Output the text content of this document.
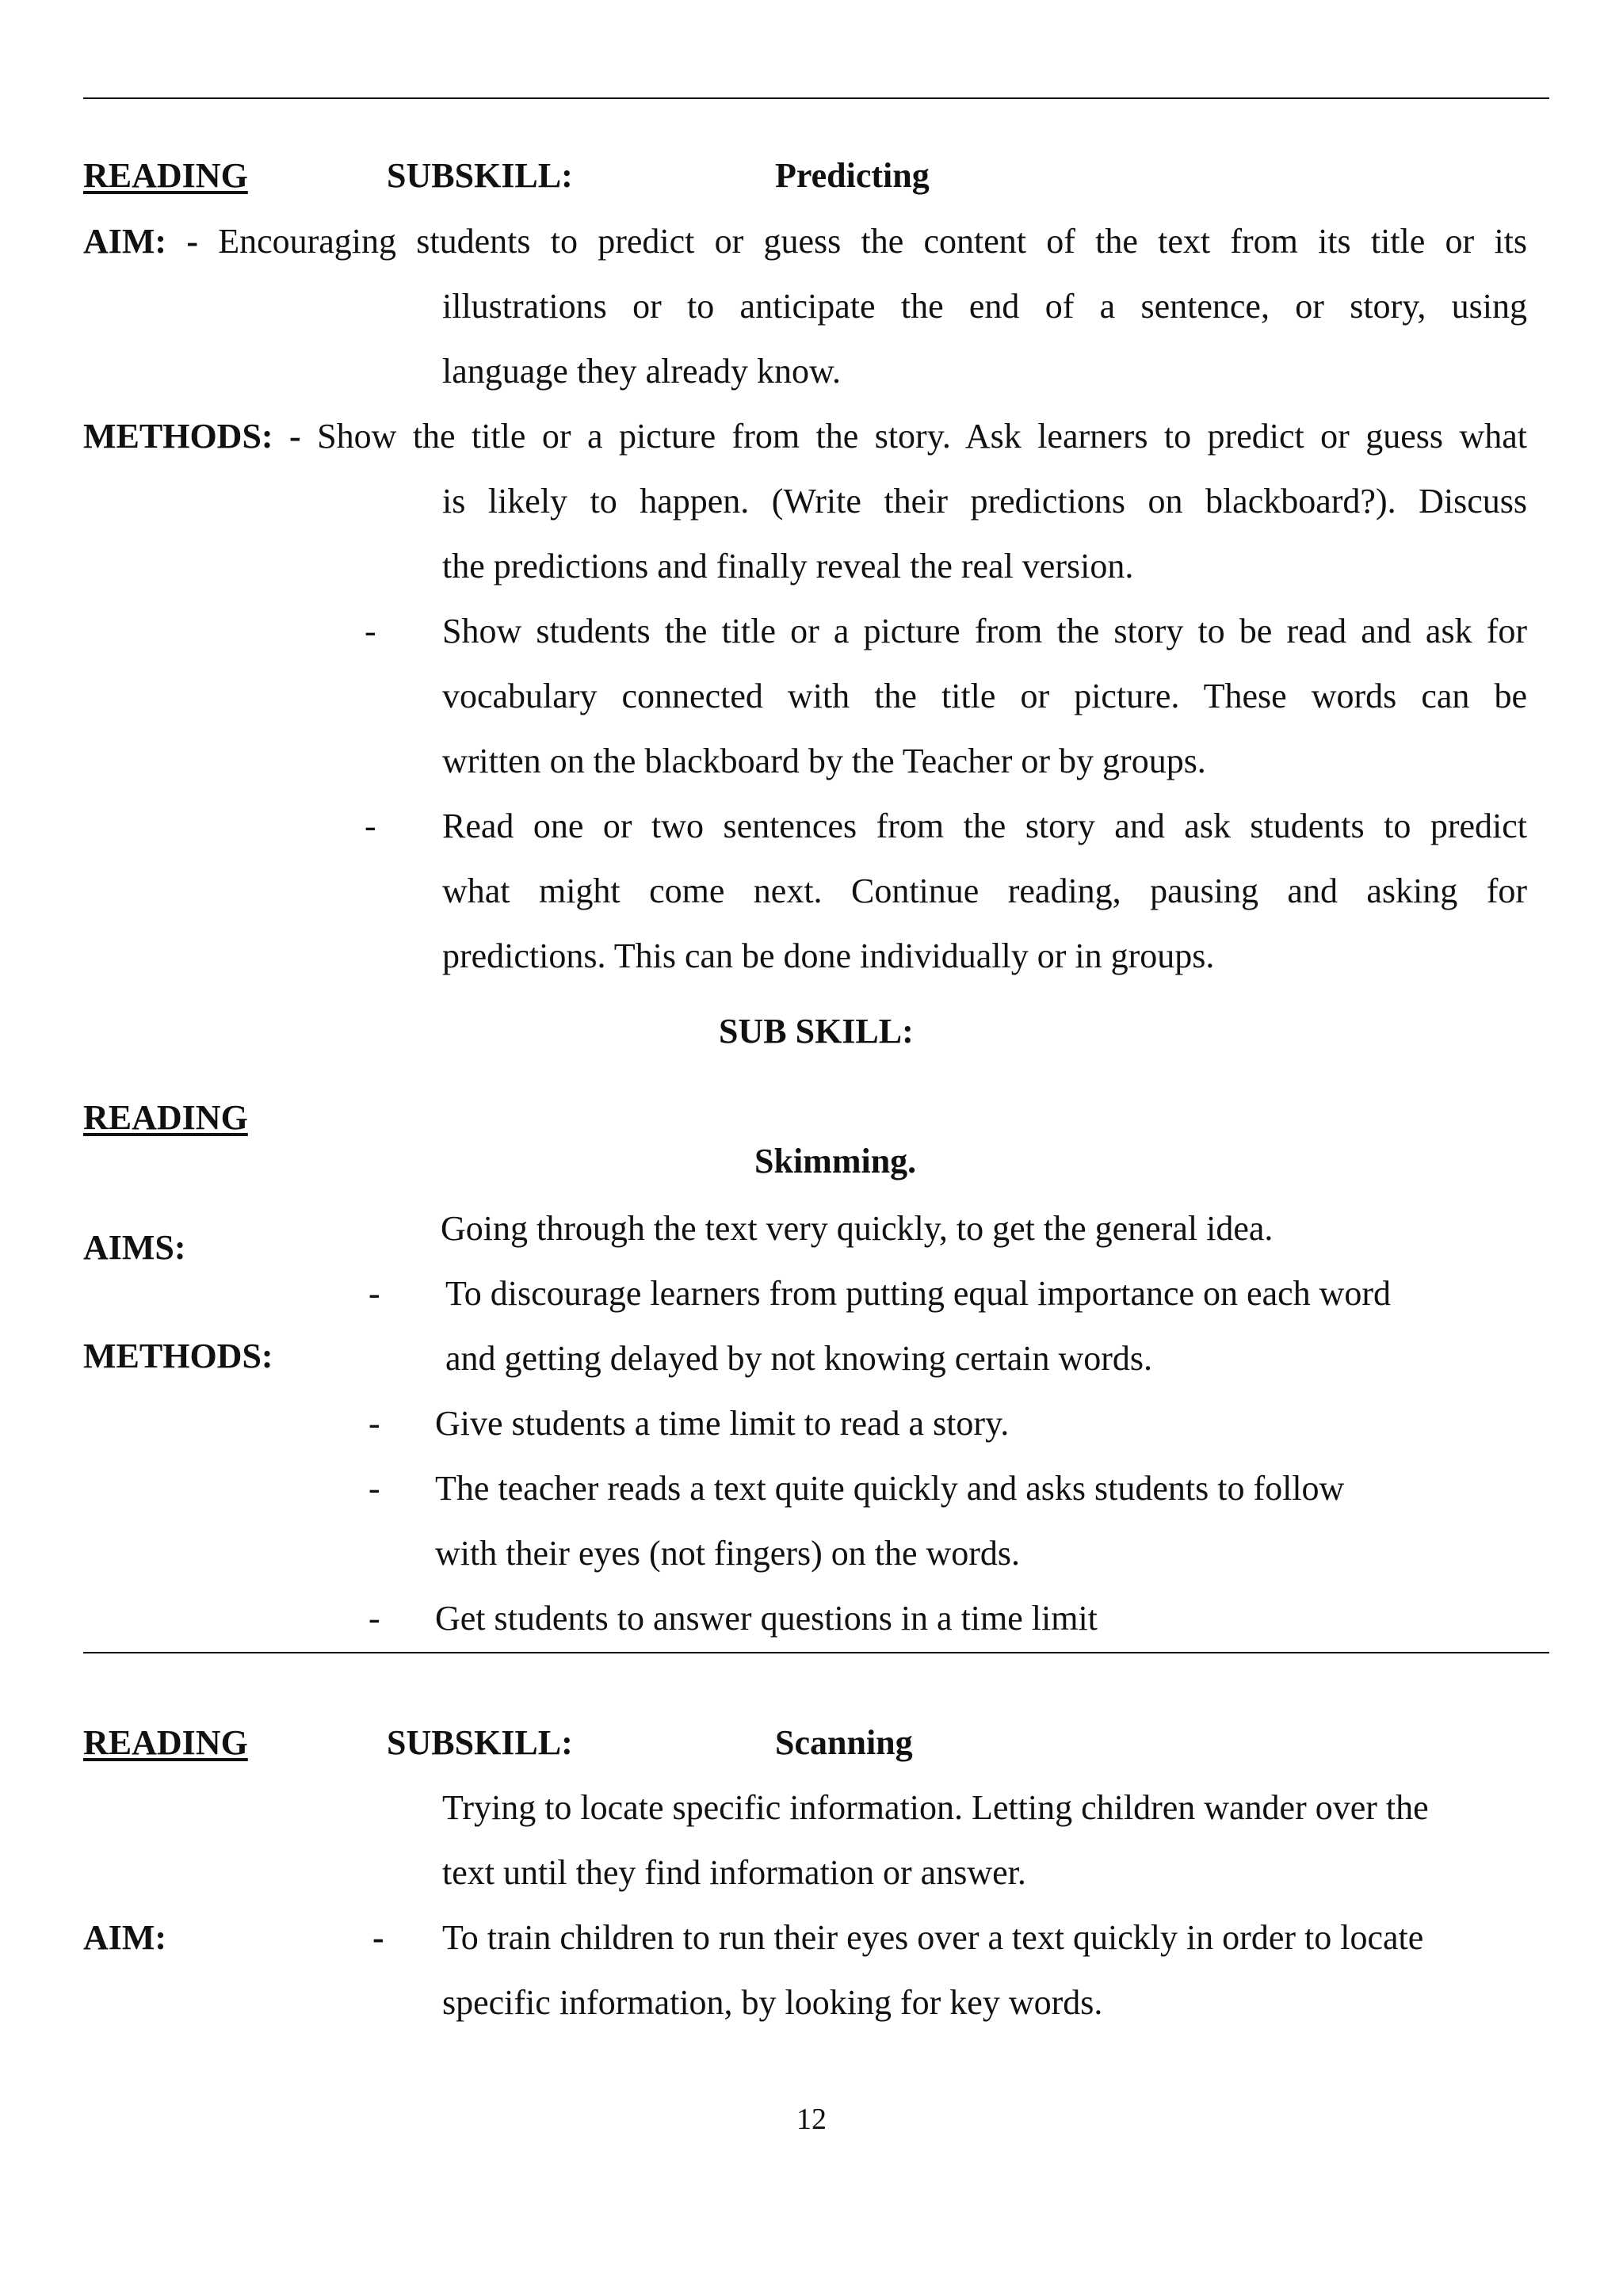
READING	SUBSKILL:	Predicting
AIM: - Encouraging students to predict or guess the content of the text from its title or its
illustrations or to anticipate the end of a sentence, or story, using
language they already know.
METHODS: - Show the title or a picture from the story. Ask learners to predict or guess what
is likely to happen. (Write their predictions on blackboard?). Discuss
the predictions and finally reveal the real version.
- Show students the title or a picture from the story to be read and ask for
vocabulary connected with the title or picture. These words can be
written on the blackboard by the Teacher or by groups.
- Read one or two sentences from the story and ask students to predict
what might come next. Continue reading, pausing and asking for
predictions. This can be done individually or in groups.
SUB SKILL:
READING
Skimming.
Going through the text very quickly, to get the general idea.
AIMS:
- To discourage learners from putting equal importance on each word
METHODS:	and getting delayed by not knowing certain words.
- Give students a time limit to read a story.
- The teacher reads a text quite quickly and asks students to follow
with their eyes (not fingers) on the words.
- Get students to answer questions in a time limit
READING	SUBSKILL:	Scanning
Trying to locate specific information. Letting children wander over the
text until they find information or answer.
AIM:	- To train children to run their eyes over a text quickly in order to locate
specific information, by looking for key words.
12
